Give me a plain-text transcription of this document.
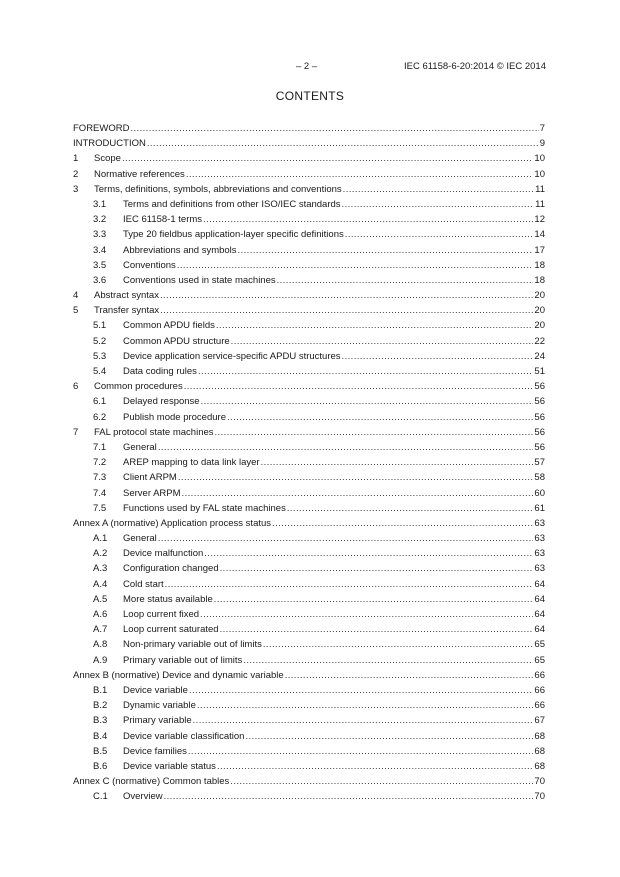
– 2 –	IEC 61158-6-20:2014 © IEC 2014
CONTENTS
FOREWORD .....	7
INTRODUCTION .....	9
1	Scope .....	10
2	Normative references .....	10
3	Terms, definitions, symbols, abbreviations and conventions .....	11
3.1	Terms and definitions from other ISO/IEC standards .....	11
3.2	IEC 61158-1 terms .....	12
3.3	Type 20 fieldbus application-layer specific definitions .....	14
3.4	Abbreviations and symbols .....	17
3.5	Conventions .....	18
3.6	Conventions used in state machines .....	18
4	Abstract syntax .....	20
5	Transfer syntax .....	20
5.1	Common APDU fields .....	20
5.2	Common APDU structure .....	22
5.3	Device application service-specific APDU structures .....	24
5.4	Data coding rules .....	51
6	Common procedures .....	56
6.1	Delayed response .....	56
6.2	Publish mode procedure .....	56
7	FAL protocol state machines .....	56
7.1	General .....	56
7.2	AREP mapping to data link layer .....	57
7.3	Client ARPM .....	58
7.4	Server ARPM .....	60
7.5	Functions used by FAL state machines .....	61
Annex A (normative) Application process status .....	63
A.1	General .....	63
A.2	Device malfunction .....	63
A.3	Configuration changed .....	63
A.4	Cold start .....	64
A.5	More status available .....	64
A.6	Loop current fixed .....	64
A.7	Loop current saturated .....	64
A.8	Non-primary variable out of limits .....	65
A.9	Primary variable out of limits .....	65
Annex B (normative) Device and dynamic variable .....	66
B.1	Device variable .....	66
B.2	Dynamic variable .....	66
B.3	Primary variable .....	67
B.4	Device variable classification .....	68
B.5	Device families .....	68
B.6	Device variable status .....	68
Annex C (normative) Common tables .....	70
C.1	Overview .....	70
